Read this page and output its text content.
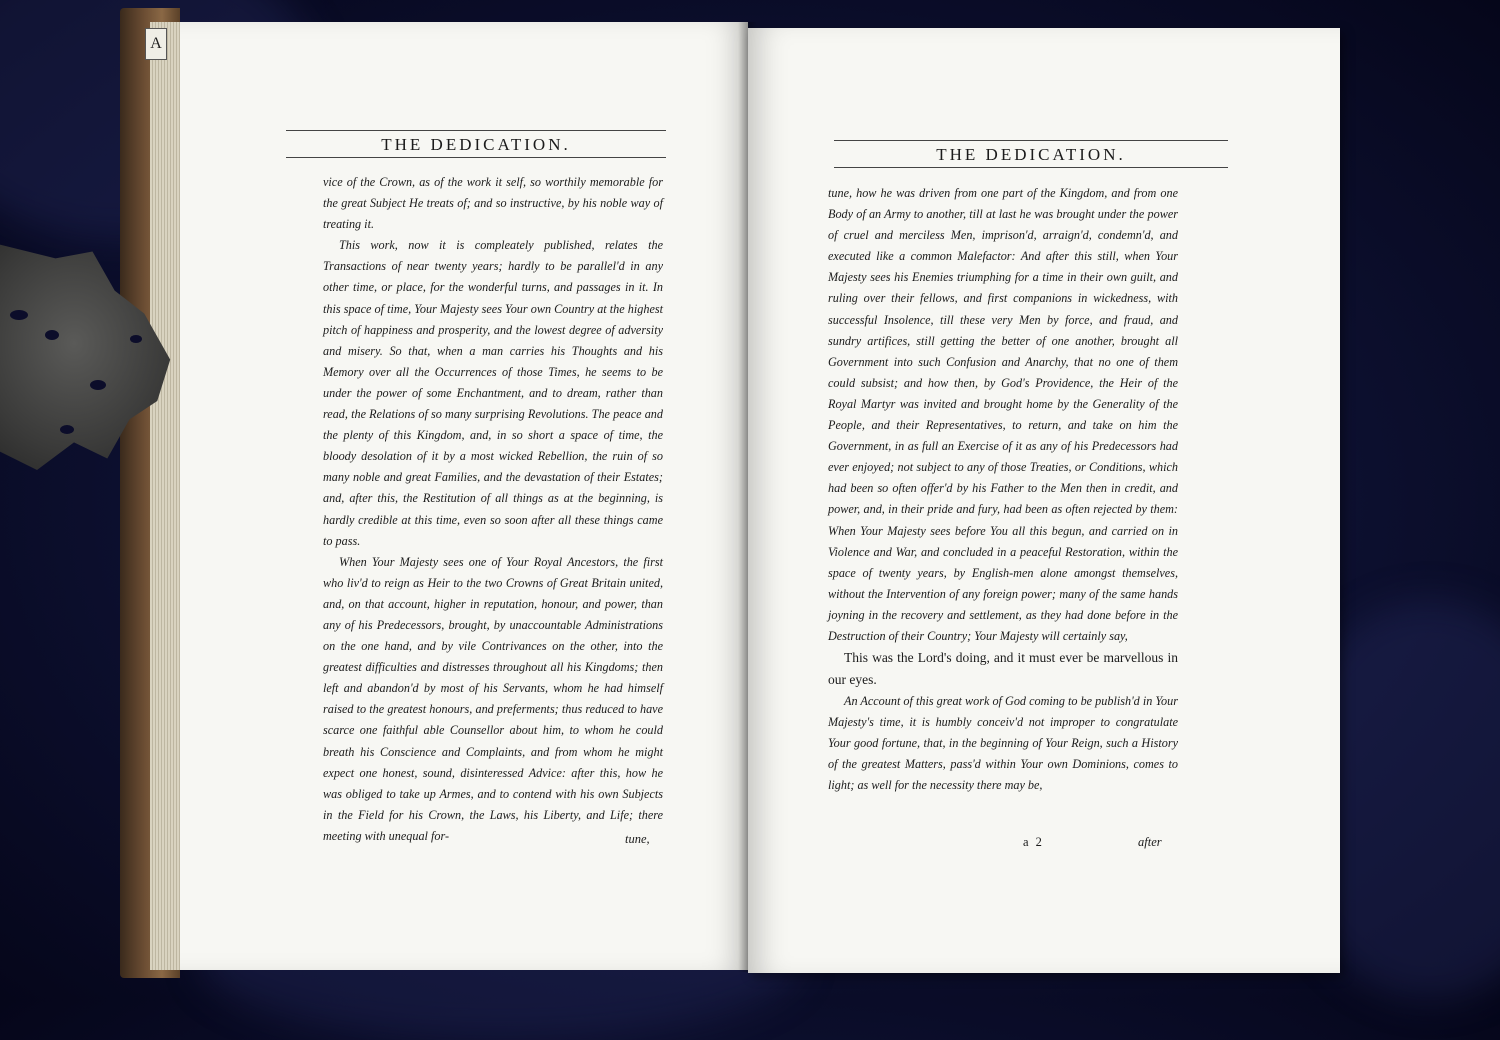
A
THE DEDICATION.

vice of the Crown, as of the work it self, so worthily memorable for the great Subject He treats of; and so instructive, by his noble way of treating it.

This work, now it is compleately published, relates the Transactions of near twenty years; hardly to be parallel'd in any other time, or place, for the wonderful turns, and passages in it. In this space of time, Your Majesty sees Your own Country at the highest pitch of happiness and prosperity, and the lowest degree of adversity and misery. So that, when a man carries his Thoughts and his Memory over all the Occurrences of those Times, he seems to be under the power of some Enchantment, and to dream, rather than read, the Relations of so many surprising Revolutions. The peace and the plenty of this Kingdom, and, in so short a space of time, the bloody desolation of it by a most wicked Rebellion, the ruin of so many noble and great Families, and the devastation of their Estates; and, after this, the Restitution of all things as at the beginning, is hardly credible at this time, even so soon after all these things came to pass.

When Your Majesty sees one of Your Royal Ancestors, the first who liv'd to reign as Heir to the two Crowns of Great Britain united, and, on that account, higher in reputation, honour, and power, than any of his Predecessors, brought, by unaccountable Administrations on the one hand, and by vile Contrivances on the other, into the greatest difficulties and distresses throughout all his Kingdoms; then left and abandon'd by most of his Servants, whom he had himself raised to the greatest honours, and preferments; thus reduced to have scarce one faithful able Counsellor about him, to whom he could breath his Conscience and Complaints, and from whom he might expect one honest, sound, disinteressed Advice: after this, how he was obliged to take up Armes, and to contend with his own Subjects in the Field for his Crown, the Laws, his Liberty, and Life; there meeting with unequal for-	tune,
THE DEDICATION.

tune, how he was driven from one part of the Kingdom, and from one Body of an Army to another, till at last he was brought under the power of cruel and merciless Men, imprison'd, arraign'd, condemn'd, and executed like a common Malefactor: And after this still, when Your Majesty sees his Enemies triumphing for a time in their own guilt, and ruling over their fellows, and first companions in wickedness, with successful Insolence, till these very Men by force, and fraud, and sundry artifices, still getting the better of one another, brought all Government into such Confusion and Anarchy, that no one of them could subsist; and how then, by God's Providence, the Heir of the Royal Martyr was invited and brought home by the Generality of the People, and their Representatives, to return, and take on him the Government, in as full an Exercise of it as any of his Predecessors had ever enjoyed; not subject to any of those Treaties, or Conditions, which had been so often offer'd by his Father to the Men then in credit, and power, and, in their pride and fury, had been as often rejected by them: When Your Majesty sees before You all this begun, and carried on in Violence and War, and concluded in a peaceful Restoration, within the space of twenty years, by English-men alone amongst themselves, without the Intervention of any foreign power; many of the same hands joyning in the recovery and settlement, as they had done before in the Destruction of their Country; Your Majesty will certainly say,

This was the Lord's doing, and it must ever be marvellous in our eyes.

An Account of this great work of God coming to be publish'd in Your Majesty's time, it is humbly conceiv'd not improper to congratulate Your good fortune, that, in the beginning of Your Reign, such a History of the greatest Matters, pass'd within Your own Dominions, comes to light; as well for the necessity there may be,

a 2	after
